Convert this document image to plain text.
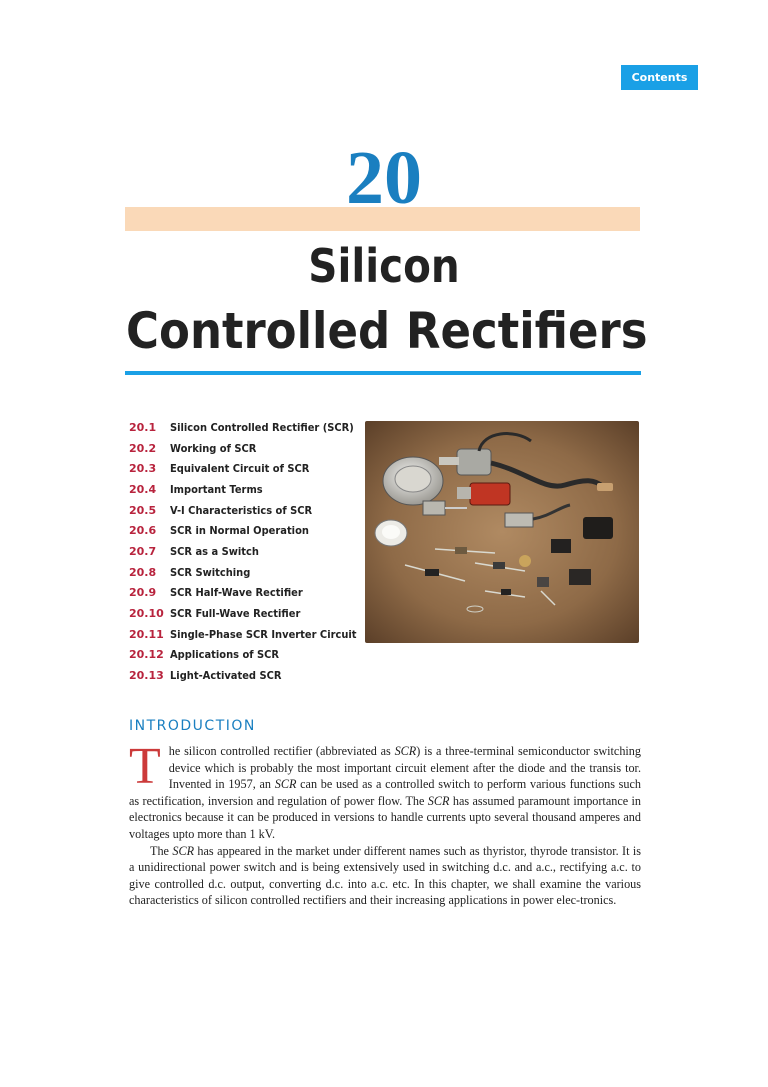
Contents
20
Silicon
Controlled Rectifiers
20.1	Silicon Controlled Rectifier (SCR)
20.2	Working of SCR
20.3	Equivalent Circuit of SCR
20.4	Important Terms
20.5	V-I Characteristics of SCR
20.6	SCR in Normal Operation
20.7	SCR as a Switch
20.8	SCR Switching
20.9	SCR Half-Wave Rectifier
20.10 SCR Full-Wave Rectifier
20.11 Single-Phase SCR Inverter Circuit
20.12 Applications of SCR
20.13 Light-Activated SCR
INTRODUCTION

The silicon controlled rectifier (abbreviated as SCR) is a three-terminal semiconductor switching device which is probably the most important circuit element after the diode and the transis tor. Invented in 1957, an SCR can be used as a controlled switch to perform various functions such as rectification, inversion and regulation of power flow. The SCR has assumed paramount importance in electronics because it can be produced in versions to handle currents upto several thousand amperes and voltages upto more than 1 kV.

The SCR has appeared in the market under different names such as thyristor, thyrode transistor. It is a unidirectional power switch and is being extensively used in switching d.c. and a.c., rectifying a.c. to give controlled d.c. output, converting d.c. into a.c. etc. In this chapter, we shall examine the various characteristics of silicon controlled rectifiers and their increasing applications in power elec-tronics.
